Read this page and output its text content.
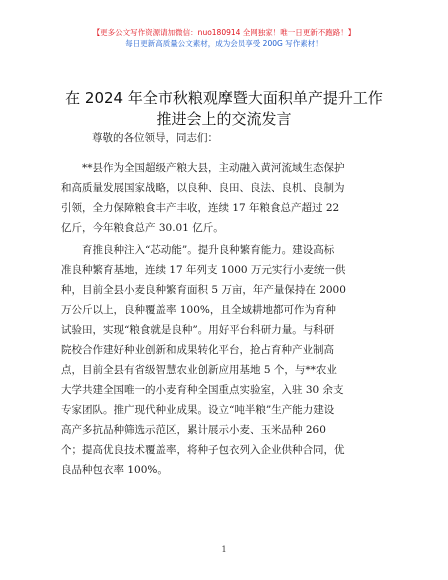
【更多公文写作资源请加微信：nuo180914 全网独家！唯一日更新不跑路！】
每日更新高质量公文素材，成为会员享受 200G 写作素材！
在 2024 年全市秋粮观摩暨大面积单产提升工作
推进会上的交流发言
尊敬的各位领导，同志们：
**县作为全国超级产粮大县，主动融入黄河流域生态保护
和高质量发展国家战略，以良种、良田、良法、良机、良制为
引领，全力保障粮食丰产丰收，连续 17 年粮食总产超过 22
亿斤，今年粮食总产 30.01 亿斤。
育推良种注入“芯动能”。提升良种繁育能力。建设高标
准良种繁育基地，连续 17 年列支 1000 万元实行小麦统一供
种，目前全县小麦良种繁育面积 5 万亩，年产量保持在 2000
万公斤以上，良种覆盖率 100%，且全域耕地都可作为育种
试验田，实现“粮食就是良种”。用好平台科研力量。与科研
院校合作建好种业创新和成果转化平台，抢占育种产业制高
点，目前全县有省级智慧农业创新应用基地 5 个，与**农业
大学共建全国唯一的小麦育种全国重点实验室，入驻 30 余支
专家团队。推广现代种业成果。设立“吨半粮”生产能力建设
高产多抗品种筛选示范区，累计展示小麦、玉米品种 260
个；提高优良技术覆盖率，将种子包衣列入企业供种合同，优
良品种包衣率 100%。
1
